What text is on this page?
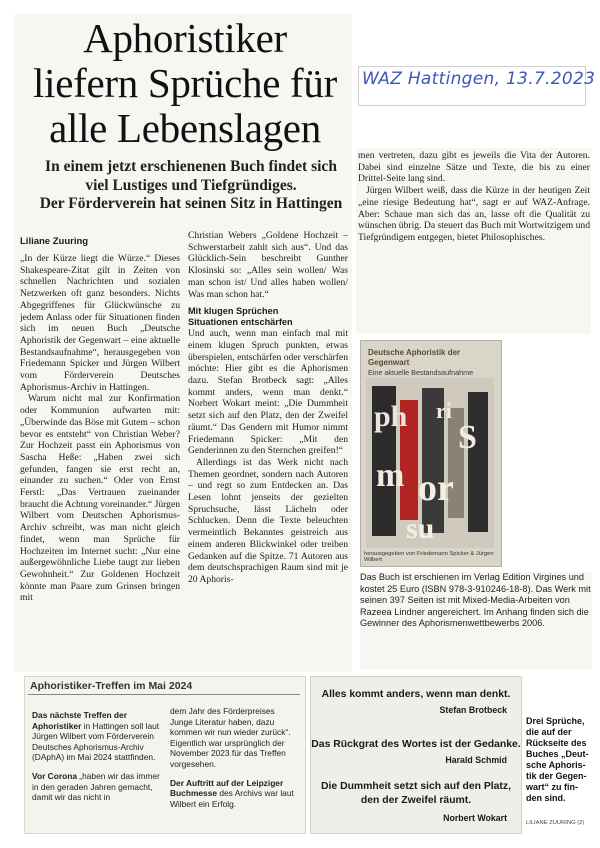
Aphoristiker
liefern Sprüche für
alle Lebenslagen
WAZ Hattingen, 13.7.2023
In einem jetzt erschienenen Buch findet sich
viel Lustiges und Tiefgründiges.
Der Förderverein hat seinen Sitz in Hattingen
Liliane Zuuring

„In der Kürze liegt die Würze.“ Dieses Shakespeare-Zitat gilt in Zeiten von schnellen Nachrichten und sozialen Netzwerken oft ganz besonders. Nichts Abgegriffenes für Glückwünsche zu jedem Anlass oder für Situationen finden sich im neuen Buch „Deutsche Aphoristik der Gegenwart – eine aktuelle Bestandsaufnahme“, herausgegeben von Friedemann Spicker und Jürgen Wilbert vom Förderverein Deutsches Aphorismus-Archiv in Hattingen.

Warum nicht mal zur Konfirmation oder Kommunion aufwarten mit: „Überwinde das Böse mit Gutem – schon bevor es entsteht“ von Christian Weber? Zur Hochzeit passt ein Aphorismus von Sascha Heße: „Haben zwei sich gefunden, fangen sie erst recht an, einander zu suchen.“ Oder von Ernst Ferstl: „Das Vertrauen zueinander braucht die Achtung voreinander.“ Jürgen Wilbert vom Deutschen Aphorismus-Archiv schreibt, was man nicht gleich findet, wenn man Sprüche für Hochzeiten im Internet sucht: „Nur eine außergewöhnliche Liebe taugt zur lieben Gewohnheit.“ Zur Goldenen Hochzeit könnte man Paare zum Grinsen bringen mit

Christian Webers „Goldene Hochzeit – Schwerstarbeit zahlt sich aus“. Und das Glücklich-Sein beschreibt Gunther Klosinski so: „Alles sein wollen/ Was man schon ist/ Und alles haben wollen/ Was man schon hat.“

Mit klugen Sprüchen
Situationen entschärfen

Und auch, wenn man einfach mal mit einem klugen Spruch punkten, etwas überspielen, entschärfen oder verschärfen möchte: Hier gibt es die Aphorismen dazu. Stefan Brotbeck sagt: „Alles kommt anders, wenn man denkt.“ Norbert Wokart meint: „Die Dummheit setzt sich auf den Platz, den der Zweifel räumt.“ Das Gendern mit Humor nimmt Friedemann Spicker: „Mit den Genderinnen zu den Sternchen greifen!“

Allerdings ist das Werk nicht nach Themen geordnet, sondern nach Autoren – und regt so zum Entdecken an. Das Lesen lohnt jenseits der gezielten Spruchsuche, lässt Lächeln oder Schlucken. Denn die Texte beleuchten vermeintlich Bekanntes geistreich aus einem anderen Blickwinkel oder treiben Gedanken auf die Spitze. 71 Autoren aus dem deutschsprachigen Raum sind mit je 20 Aphoris-

men vertreten, dazu gibt es jeweils die Vita der Autoren. Dabei sind einzelne Sätze und Texte, die bis zu einer Drittel-Seite lang sind.

Jürgen Wilbert weiß, dass die Kürze in der heutigen Zeit „eine riesige Bedeutung hat“, sagt er auf WAZ-Anfrage. Aber: Schaue man sich das an, lasse oft die Qualität zu wünschen übrig. Da steuert das Buch mit Wortwitzigem und Tiefgründigem entgegen, bietet Philosophisches.

Deutsche Aphoristik der Gegenwart
Eine aktuelle Bestandsaufnahme
ph ri
S
m or
su
herausgegeben von Friedemann Spicker & Jürgen Wilbert
Das Buch ist erschienen im Verlag Edition Virgines und kostet 25 Euro (ISBN 978-3-910246-18-8). Das Werk mit seinen 397 Seiten ist mit Mixed-Media-Arbeiten von Razeea Lindner angereichert. Im Anhang finden sich die Gewinner des Aphorismenwettbewerbs 2006.
Aphoristiker-Treffen im Mai 2024
Das nächste Treffen der Aphoristiker in Hattingen soll laut Jürgen Wilbert vom Förderverein Deutsches Aphorismus-Archiv (DAphA) im Mai 2024 stattfinden.
Vor Corona „haben wir das immer in den geraden Jahren gemacht, damit wir das nicht in
dem Jahr des Förderpreises Junge Literatur haben, dazu kommen wir nun wieder zurück“. Eigentlich war ursprünglich der November 2023 für das Treffen vorgesehen.
Der Auftritt auf der Leipziger Buchmesse des Archivs war laut Wilbert ein Erfolg.
Alles kommt anders, wenn man denkt.
Stefan Brotbeck
Das Rückgrat des Wortes ist der Gedanke.
Harald Schmid
Die Dummheit setzt sich auf den Platz,
den der Zweifel räumt.
Norbert Wokart
Drei Sprüche,
die auf der
Rückseite des
Buches „Deut-
sche Aphoris-
tik der Gegen-
wart“ zu fin-
den sind.
LILIANE ZUURING (2)
